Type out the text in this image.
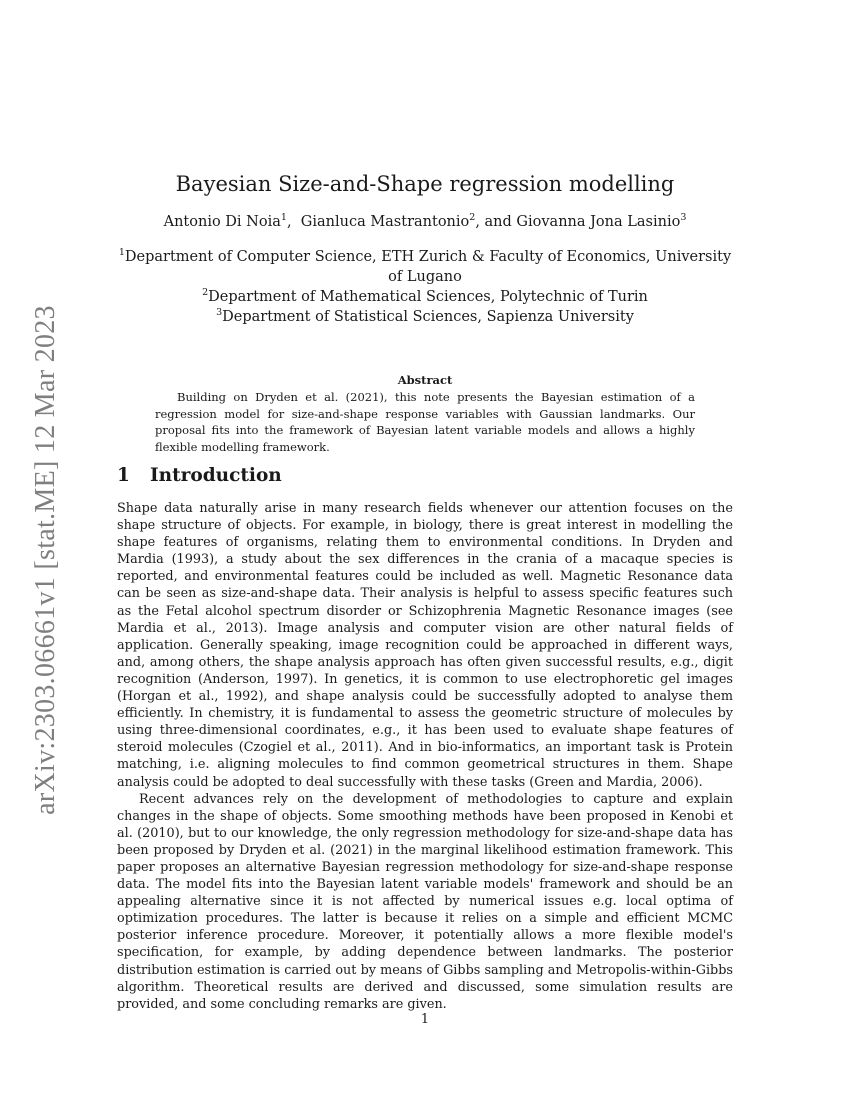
arXiv:2303.06661v1 [stat.ME] 12 Mar 2023
Bayesian Size-and-Shape regression modelling
Antonio Di Noia$^1$,  Gianluca Mastrantonio$^2$, and Giovanna Jona Lasinio$^3$
$^1$Department of Computer Science, ETH Zurich & Faculty of Economics, University of Lugano
$^2$Department of Mathematical Sciences, Polytechnic of Turin
$^3$Department of Statistical Sciences, Sapienza University
Abstract
Building on Dryden et al. (2021), this note presents the Bayesian estimation of a regression model for size-and-shape response variables with Gaussian landmarks. Our proposal fits into the framework of Bayesian latent variable models and allows a highly flexible modelling framework.
1 Introduction

Shape data naturally arise in many research fields whenever our attention focuses on the shape structure of objects. For example, in biology, there is great interest in modelling the shape features of organisms, relating them to environmental conditions. In Dryden and Mardia (1993), a study about the sex differences in the crania of a macaque species is reported, and environmental features could be included as well. Magnetic Resonance data can be seen as size-and-shape data. Their analysis is helpful to assess specific features such as the Fetal alcohol spectrum disorder or Schizophrenia Magnetic Resonance images (see Mardia et al., 2013). Image analysis and computer vision are other natural fields of application. Generally speaking, image recognition could be approached in different ways, and, among others, the shape analysis approach has often given successful results, e.g., digit recognition (Anderson, 1997). In genetics, it is common to use electrophoretic gel images (Horgan et al., 1992), and shape analysis could be successfully adopted to analyse them efficiently. In chemistry, it is fundamental to assess the geometric structure of molecules by using three-dimensional coordinates, e.g., it has been used to evaluate shape features of steroid molecules (Czogiel et al., 2011). And in bio-informatics, an important task is Protein matching, i.e. aligning molecules to find common geometrical structures in them. Shape analysis could be adopted to deal successfully with these tasks (Green and Mardia, 2006).

Recent advances rely on the development of methodologies to capture and explain changes in the shape of objects. Some smoothing methods have been proposed in Kenobi et al. (2010), but to our knowledge, the only regression methodology for size-and-shape data has been proposed by Dryden et al. (2021) in the marginal likelihood estimation framework. This paper proposes an alternative Bayesian regression methodology for size-and-shape response data. The model fits into the Bayesian latent variable models' framework and should be an appealing alternative since it is not affected by numerical issues e.g. local optima of optimization procedures. The latter is because it relies on a simple and efficient MCMC posterior inference procedure. Moreover, it potentially allows a more flexible model's specification, for example, by adding dependence between landmarks. The posterior distribution estimation is carried out by means of Gibbs sampling and Metropolis-within-Gibbs algorithm. Theoretical results are derived and discussed, some simulation results are provided, and some concluding remarks are given.

1
